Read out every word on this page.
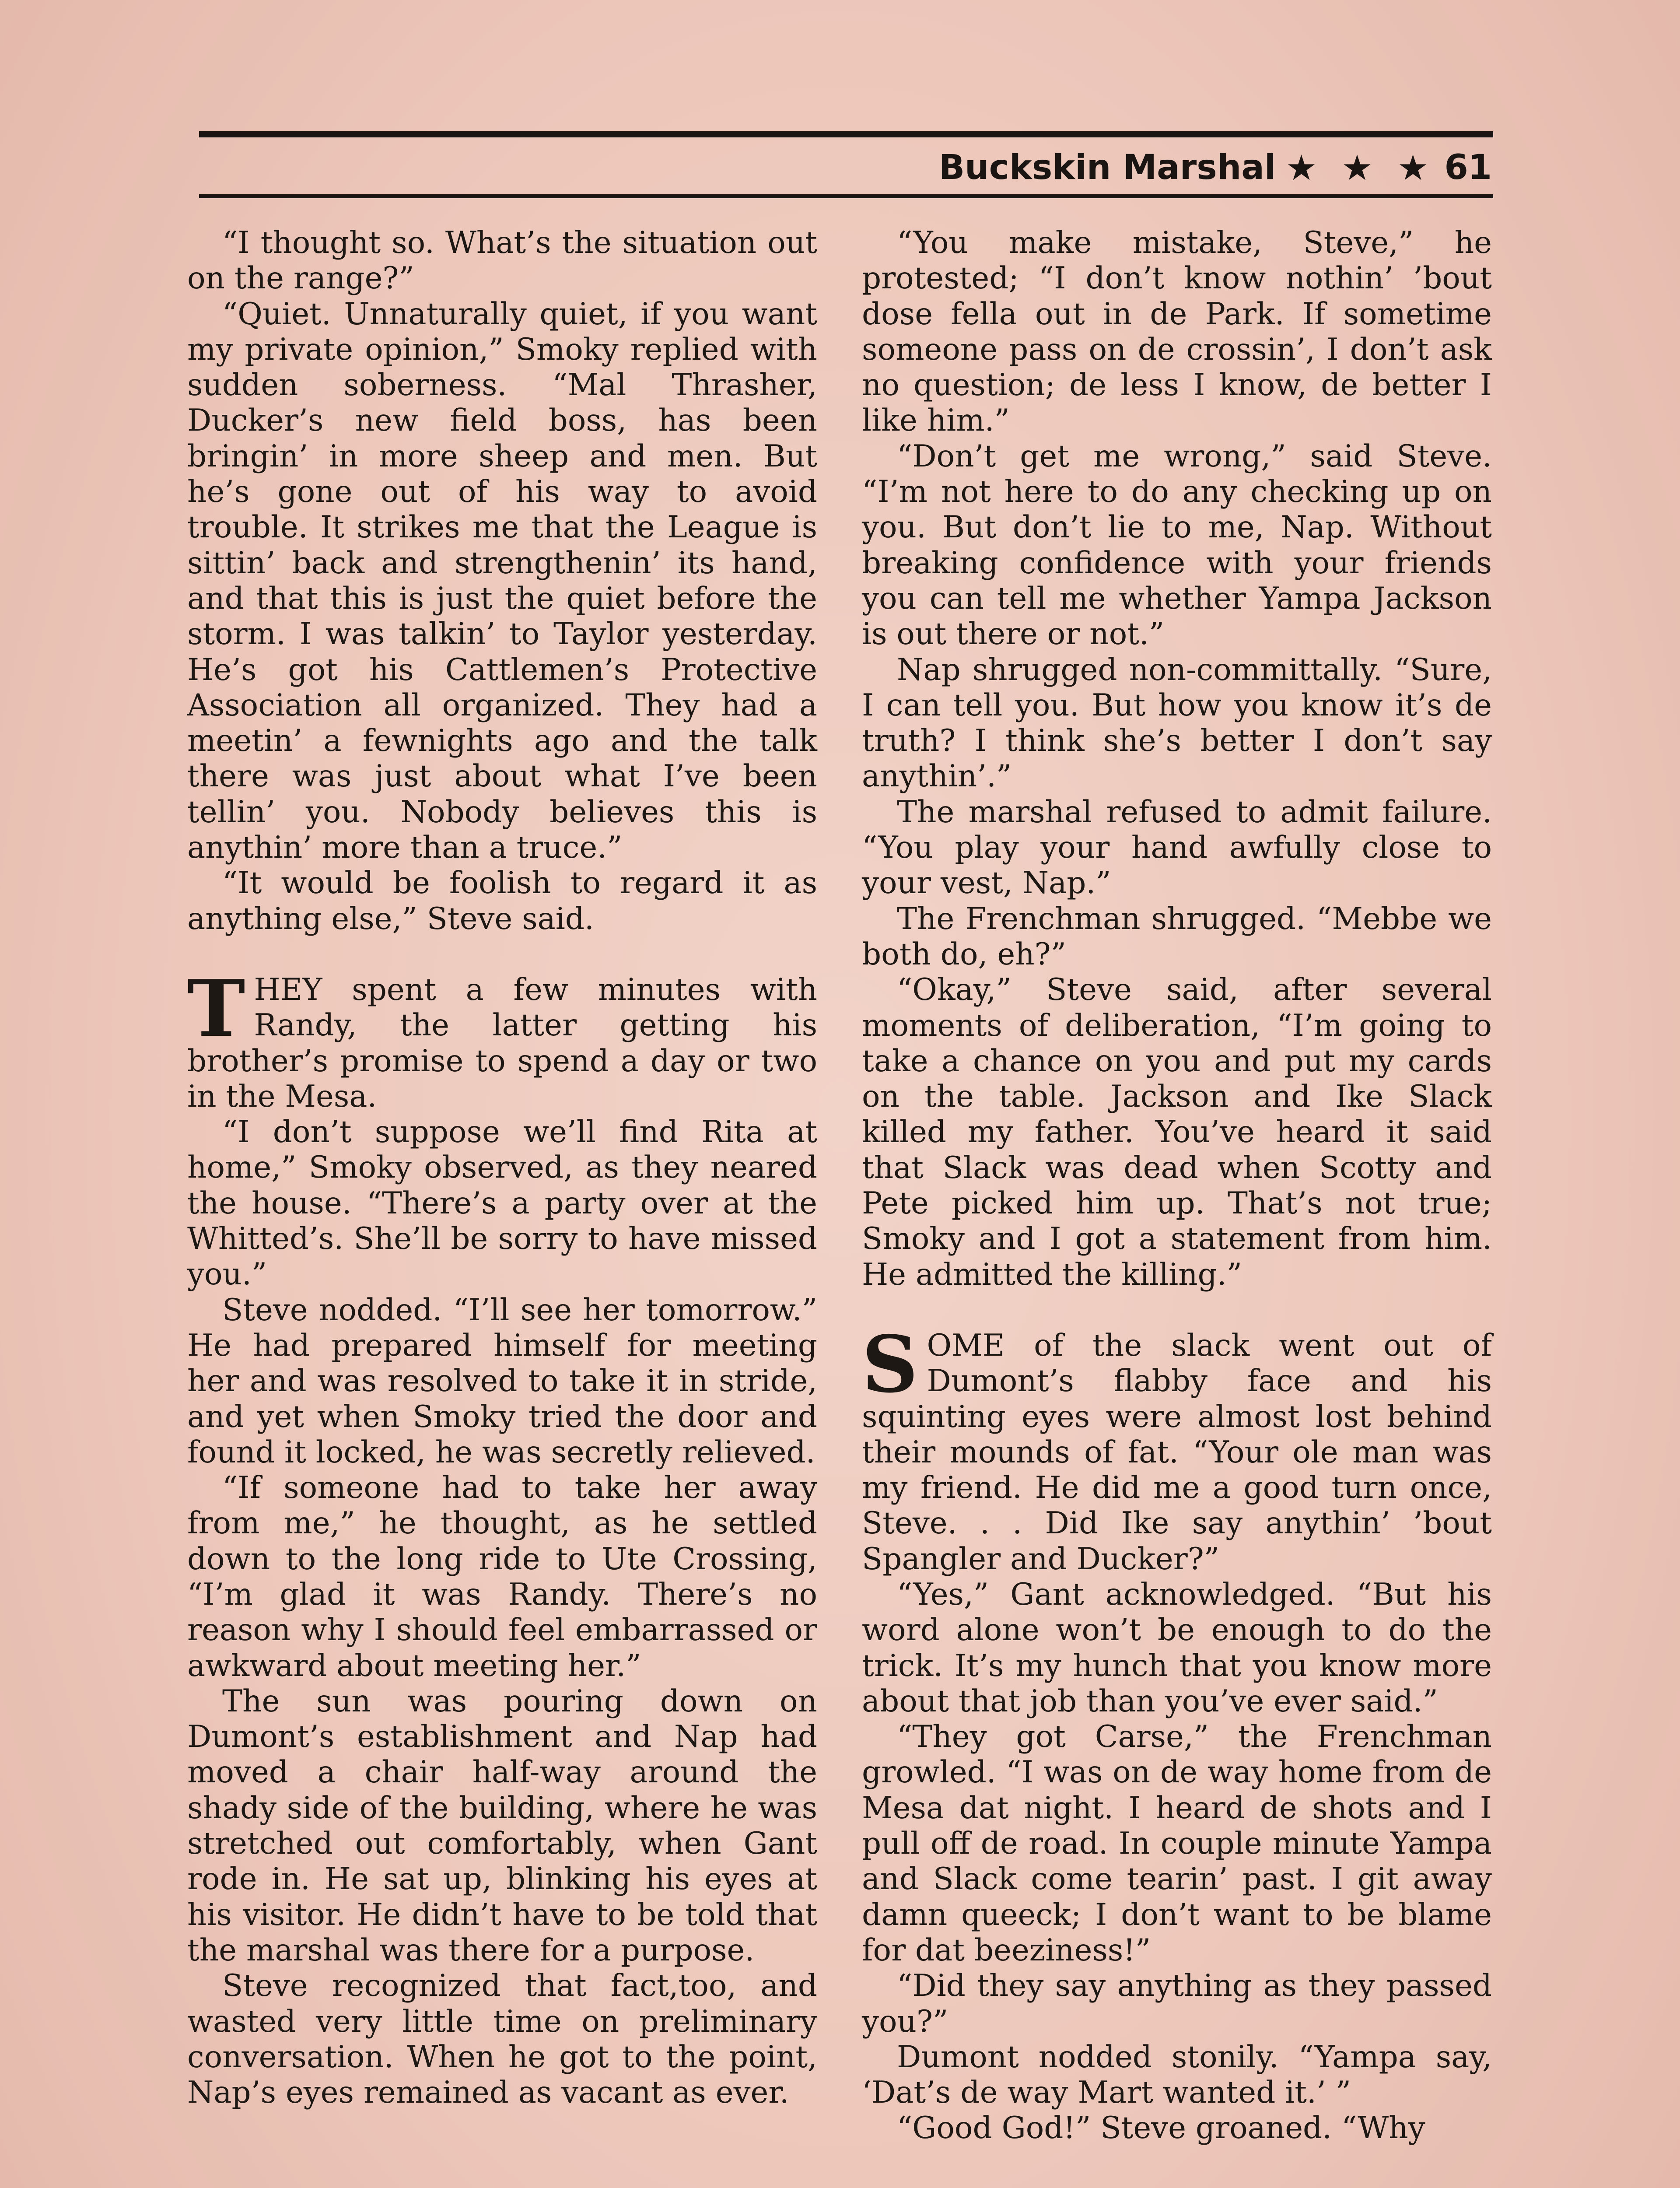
Buckskin Marshal ★ ★ ★ 61

“I thought so. What’s the situation out on the range?”

“Quiet. Unnaturally quiet, if you want my private opinion,” Smoky replied with sudden soberness. “Mal Thrasher, Ducker’s new field boss, has been bringin’ in more sheep and men. But he’s gone out of his way to avoid trouble. It strikes me that the League is sittin’ back and strengthenin’ its hand, and that this is just the quiet before the storm. I was talkin’ to Taylor yesterday. He’s got his Cattlemen’s Protective Association all organized. They had a meetin’ a fewnights ago and the talk there was just about what I’ve been tellin’ you. Nobody believes this is anythin’ more than a truce.”

“It would be foolish to regard it as anything else,” Steve said.

THEY spent a few minutes with Randy, the latter getting his brother’s promise to spend a day or two in the Mesa.

“I don’t suppose we’ll find Rita at home,” Smoky observed, as they neared the house. “There’s a party over at the Whitted’s. She’ll be sorry to have missed you.”

Steve nodded. “I’ll see her tomorrow.” He had prepared himself for meeting her and was resolved to take it in stride, and yet when Smoky tried the door and found it locked, he was secretly relieved.

“If someone had to take her away from me,” he thought, as he settled down to the long ride to Ute Crossing, “I’m glad it was Randy. There’s no reason why I should feel embarrassed or awkward about meeting her.”

The sun was pouring down on Dumont’s establishment and Nap had moved a chair half-way around the shady side of the building, where he was stretched out comfortably, when Gant rode in. He sat up, blinking his eyes at his visitor. He didn’t have to be told that the marshal was there for a purpose.

Steve recognized that fact,too, and wasted very little time on preliminary conversation. When he got to the point, Nap’s eyes remained as vacant as ever.

“You make mistake, Steve,” he protested; “I don’t know nothin’ ’bout dose fella out in de Park. If sometime someone pass on de crossin’, I don’t ask no question; de less I know, de better I like him.”

“Don’t get me wrong,” said Steve. “I’m not here to do any checking up on you. But don’t lie to me, Nap. Without breaking confidence with your friends you can tell me whether Yampa Jackson is out there or not.”

Nap shrugged non-committally. “Sure, I can tell you. But how you know it’s de truth? I think she’s better I don’t say anythin’.”

The marshal refused to admit failure. “You play your hand awfully close to your vest, Nap.”

The Frenchman shrugged. “Mebbe we both do, eh?”

“Okay,” Steve said, after several moments of deliberation, “I’m going to take a chance on you and put my cards on the table. Jackson and Ike Slack killed my father. You’ve heard it said that Slack was dead when Scotty and Pete picked him up. That’s not true; Smoky and I got a statement from him. He admitted the killing.”

SOME of the slack went out of Dumont’s flabby face and his squinting eyes were almost lost behind their mounds of fat. “Your ole man was my friend. He did me a good turn once, Steve. . . Did Ike say anythin’ ’bout Spangler and Ducker?”

“Yes,” Gant acknowledged. “But his word alone won’t be enough to do the trick. It’s my hunch that you know more about that job than you’ve ever said.”

“They got Carse,” the Frenchman growled. “I was on de way home from de Mesa dat night. I heard de shots and I pull off de road. In couple minute Yampa and Slack come tearin’ past. I git away damn queeck; I don’t want to be blame for dat beeziness!”

“Did they say anything as they passed you?”

Dumont nodded stonily. “Yampa say, ‘Dat’s de way Mart wanted it.’ ”

“Good God!” Steve groaned. “Why
